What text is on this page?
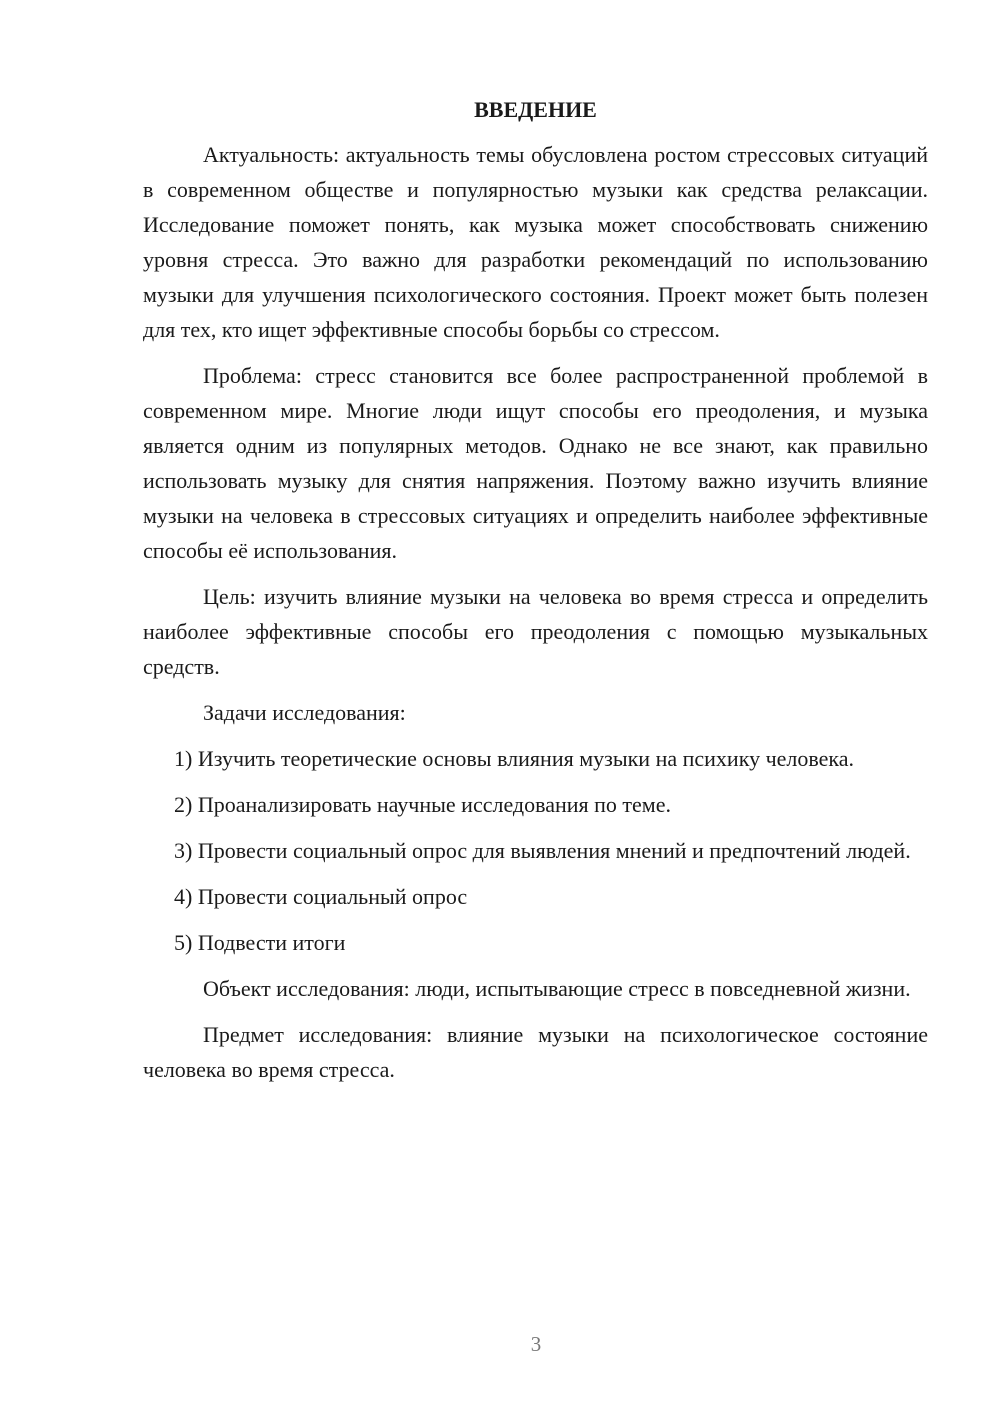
ВВЕДЕНИЕ

Актуальность: актуальность темы обусловлена ростом стрессовых ситуаций в современном обществе и популярностью музыки как средства релаксации. Исследование поможет понять, как музыка может способствовать снижению уровня стресса. Это важно для разработки рекомендаций по использованию музыки для улучшения психологического состояния. Проект может быть полезен для тех, кто ищет эффективные способы борьбы со стрессом.

Проблема: стресс становится все более распространенной проблемой в современном мире. Многие люди ищут способы его преодоления, и музыка является одним из популярных методов. Однако не все знают, как правильно использовать музыку для снятия напряжения. Поэтому важно изучить влияние музыки на человека в стрессовых ситуациях и определить наиболее эффективные способы её использования.

Цель: изучить влияние музыки на человека во время стресса и определить наиболее эффективные способы его преодоления с помощью музыкальных средств.

Задачи исследования:

1) Изучить теоретические основы влияния музыки на психику человека.

2) Проанализировать научные исследования по теме.

3) Провести социальный опрос для выявления мнений и предпочтений людей.

4) Провести социальный опрос

5) Подвести итоги

Объект исследования: люди, испытывающие стресс в повседневной жизни.

Предмет исследования: влияние музыки на психологическое состояние человека во время стресса.

3
